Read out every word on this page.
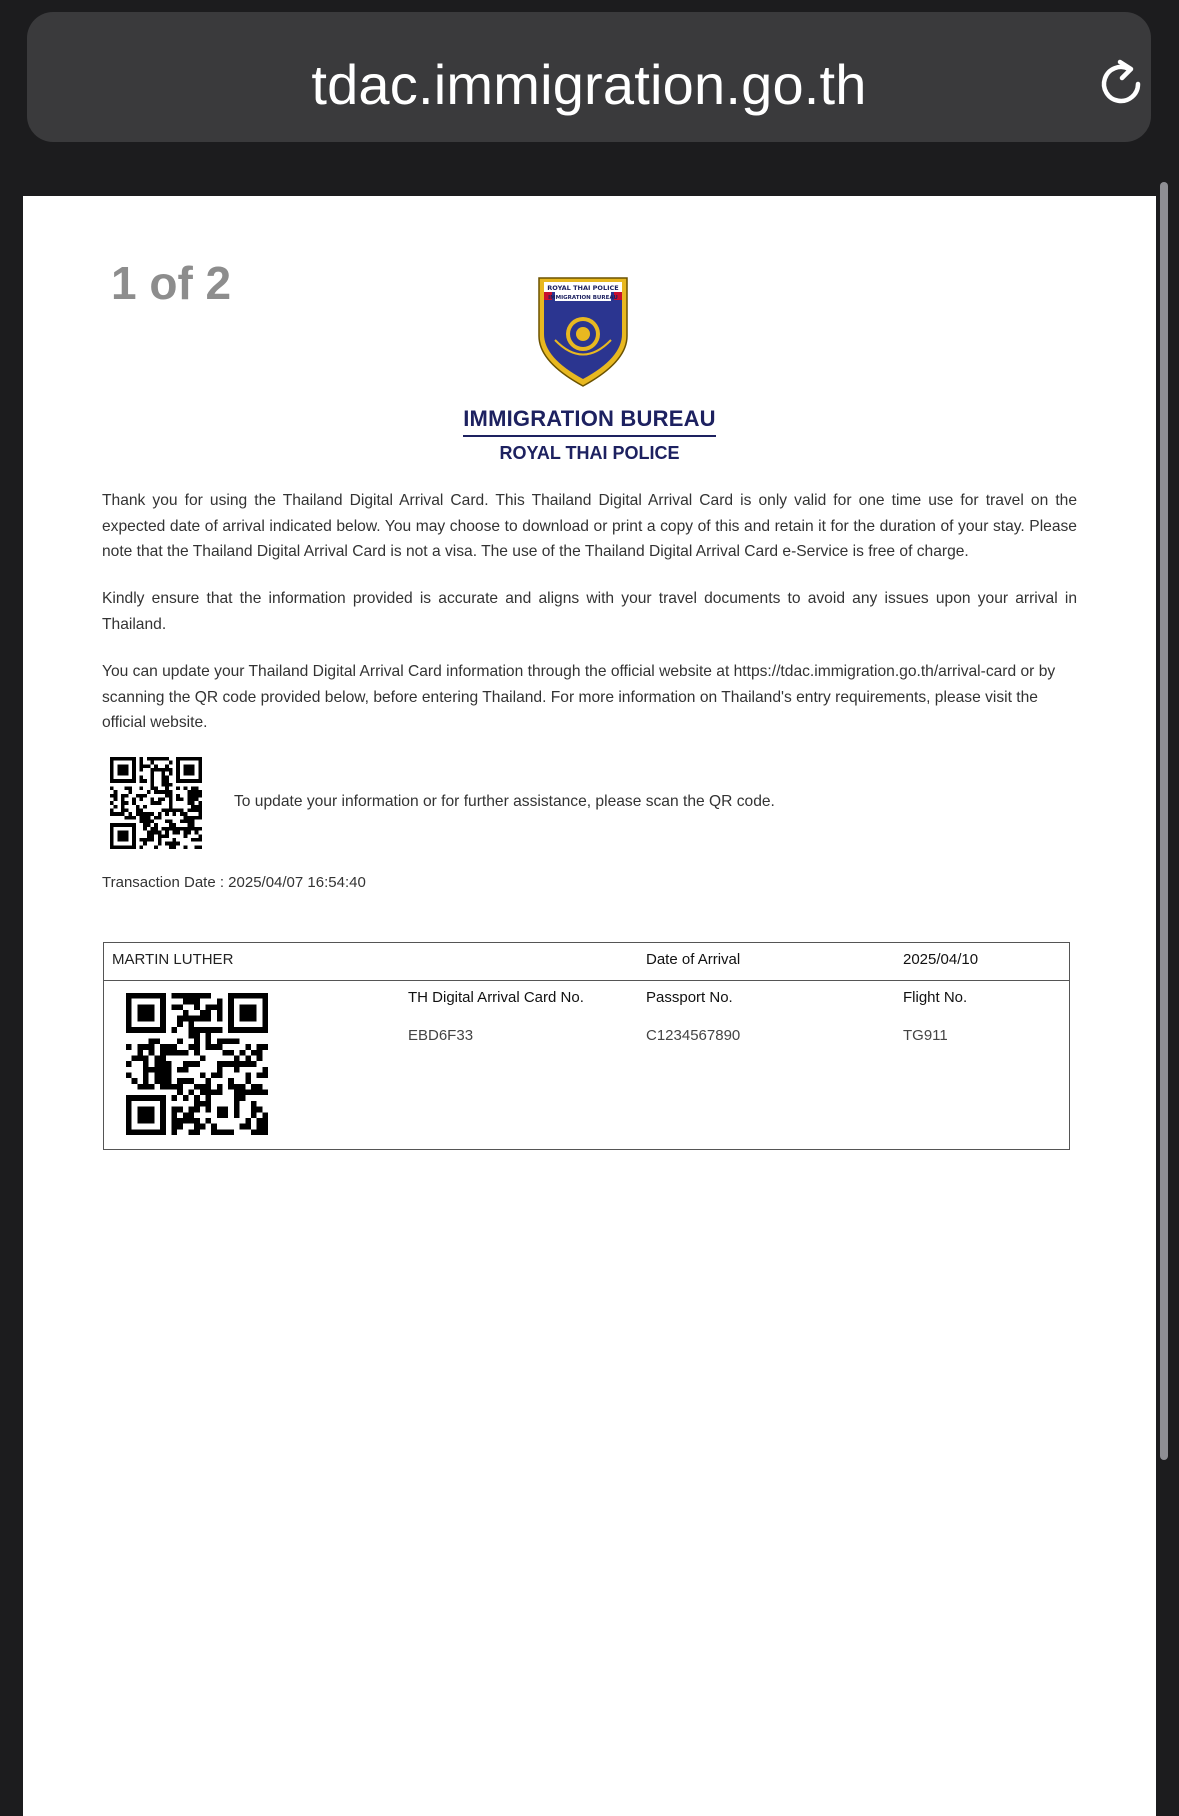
tdac.immigration.go.th
1 of 2	ROYAL THAI POLICE
IMMIGRATION BUREAU
IMMIGRATION BUREAU
ROYAL THAI POLICE
Thank you for using the Thailand Digital Arrival Card. This Thailand Digital Arrival Card is only valid for one time use for travel on the expected date of arrival indicated below. You may choose to download or print a copy of this and retain it for the duration of your stay. Please note that the Thailand Digital Arrival Card is not a visa. The use of the Thailand Digital Arrival Card e-Service is free of charge.
Kindly ensure that the information provided is accurate and aligns with your travel documents to avoid any issues upon your arrival in Thailand.
You can update your Thailand Digital Arrival Card information through the official website at https://tdac.immigration.go.th/arrival-card or by scanning the QR code provided below, before entering Thailand. For more information on Thailand's entry requirements, please visit the official website.
To update your information or for further assistance, please scan the QR code.
Transaction Date : 2025/04/07 16:54:40
MARTIN LUTHER	Date of Arrival	2025/04/10
TH Digital Arrival Card No.
EBD6F33
Passport No.
C1234567890
Flight No.
TG911
